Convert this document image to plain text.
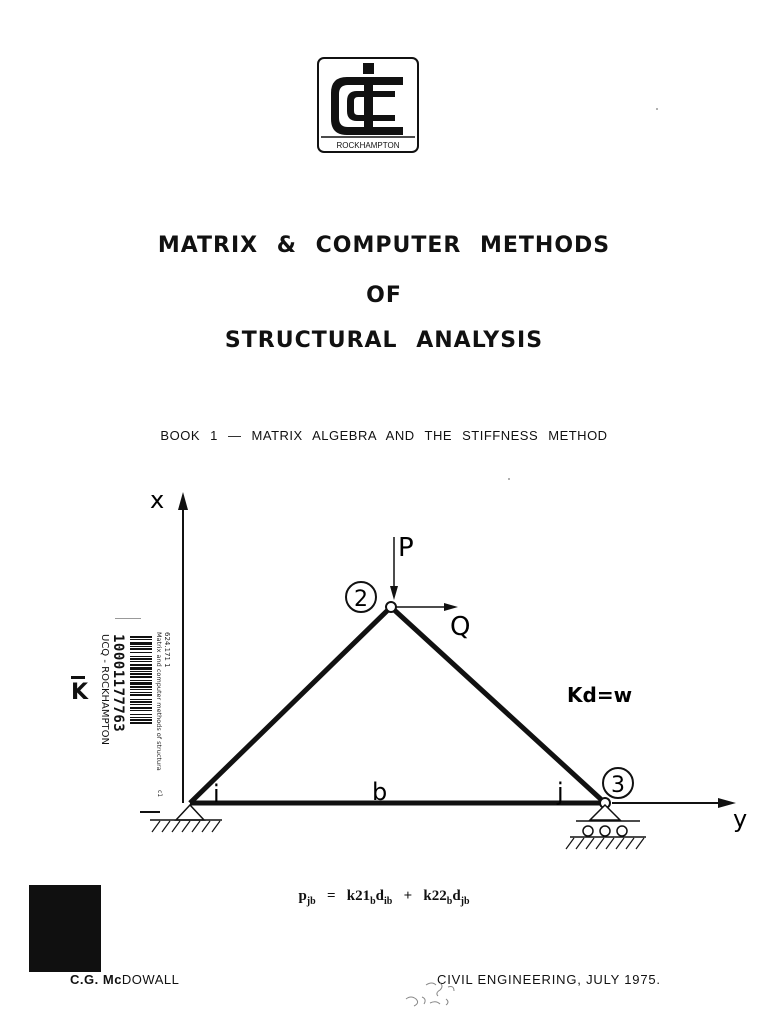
ROCKHAMPTON
MATRIX & COMPUTER METHODS
OF
STRUCTURAL ANALYSIS
BOOK 1 — MATRIX ALGEBRA AND THE STIFFNESS METHOD
x
y
2
P
Q
Kd=w
i	b	j 3
624.171 1
Matrix and computer methods of structura
10001177763
UCQ - ROCKHAMPTON
c1
K
$p_{jb} = k21_bd_{ib} + k22_bd_{jb}$
C.G. McDOWALL	CIVIL ENGINEERING, JULY 1975.
